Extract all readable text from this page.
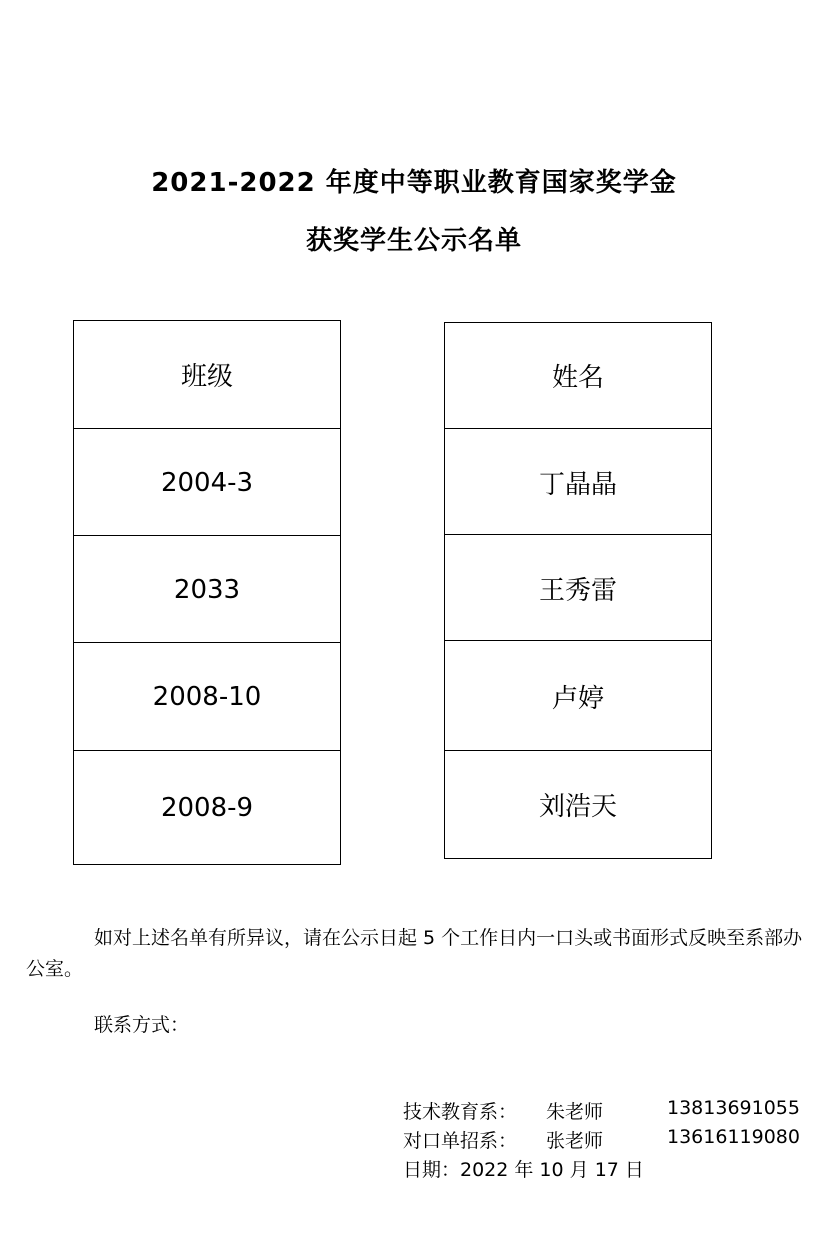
2021-2022 年度中等职业教育国家奖学金
获奖学生公示名单
班级
2004-3
2033
2008-10
2008-9
姓名
丁晶晶
王秀雷
卢婷
刘浩天
如对上述名单有所异议，请在公示日起 5 个工作日内一口头或书面形式反映至系部办公室。
联系方式：
技术教育系： 朱老师	13813691055
对口单招系： 张老师	13616119080
日期：2022 年 10 月 17 日
